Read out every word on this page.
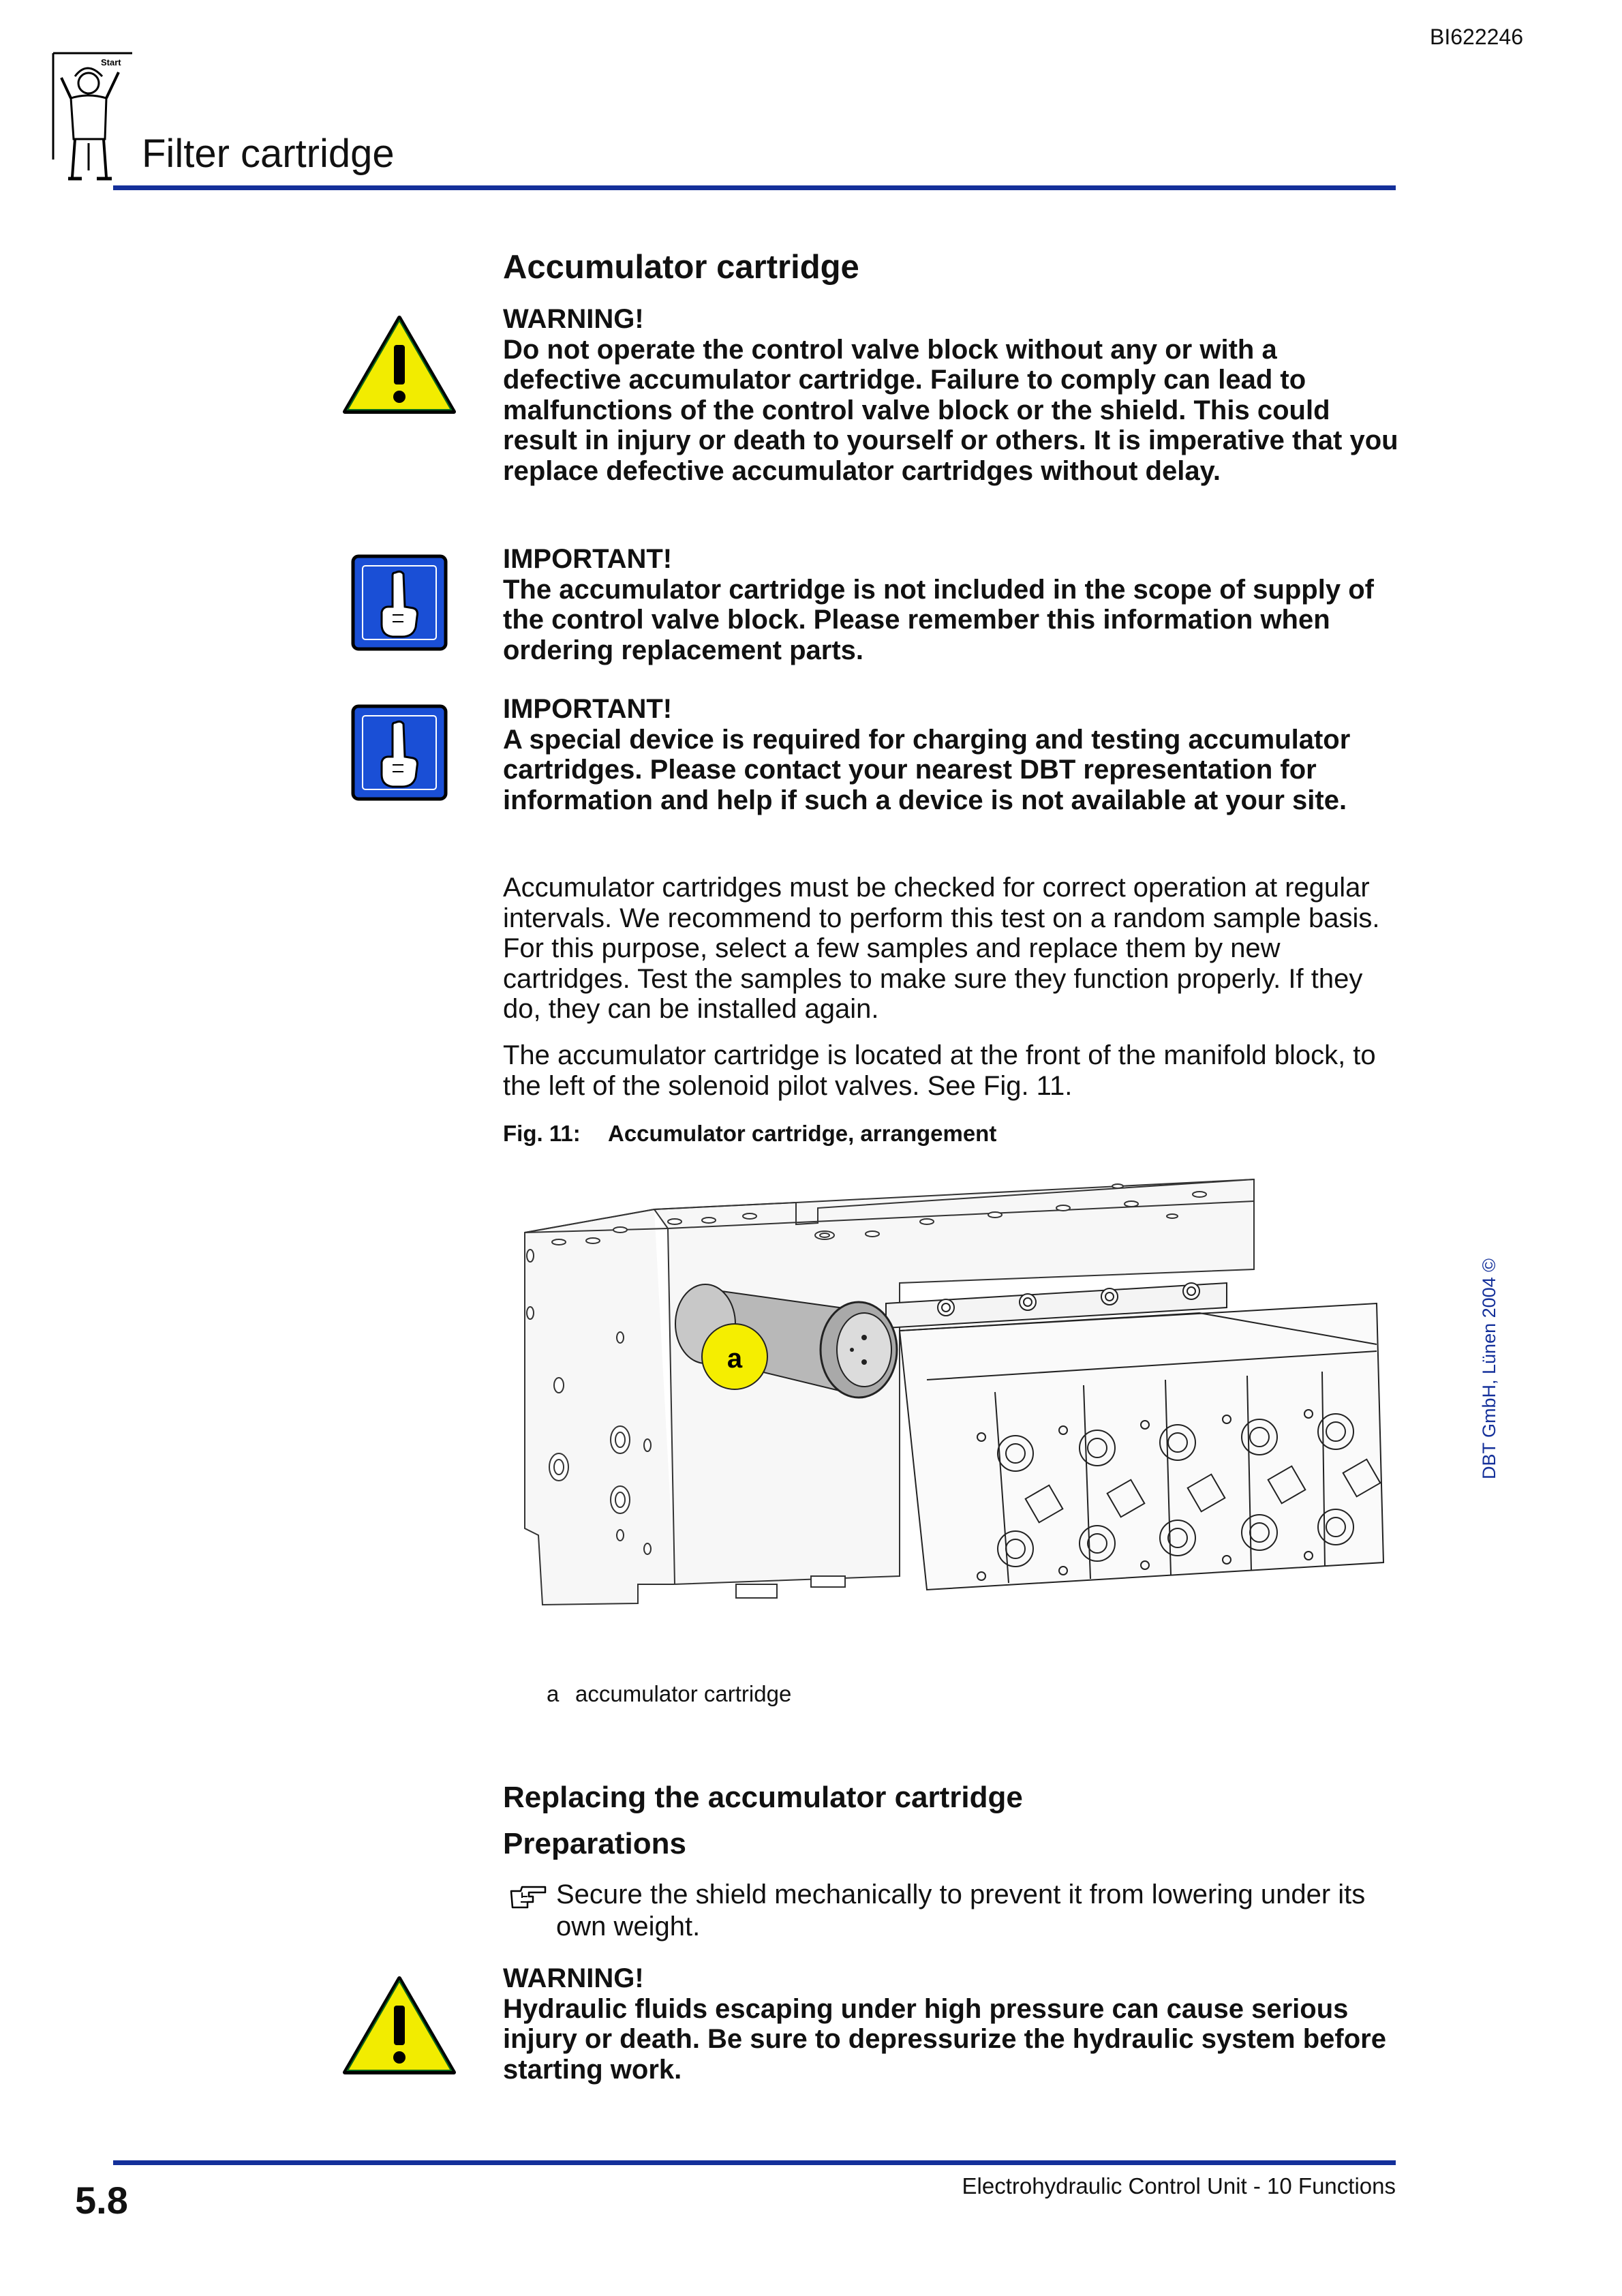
BI622246
Start
Filter cartridge
Accumulator cartridge
WARNING!
Do not operate the control valve block without any or with a defective accumulator cartridge. Failure to comply can lead to malfunctions of the control valve block or the shield. This could result in injury or death to yourself or others. It is imperative that you replace defective accumulator cartridges without delay.
IMPORTANT!
The accumulator cartridge is not included in the scope of supply of the control valve block. Please remember this information when ordering replacement parts.
IMPORTANT!
A special device is required for charging and testing accumulator cartridges. Please contact your nearest DBT representation for information and help if such a device is not available at your site.
Accumulator cartridges must be checked for correct operation at regular intervals. We recommend to perform this test on a random sample basis. For this purpose, select a few samples and replace them by new cartridges. Test the samples to make sure they function properly. If they do, they can be installed again.
The accumulator cartridge is located at the front of the manifold block, to the left of the solenoid pilot valves. See Fig. 11.
Fig. 11: Accumulator cartridge, arrangement
a
a accumulator cartridge
Replacing the accumulator cartridge
Preparations
Secure the shield mechanically to prevent it from lowering under its own weight.
WARNING!
Hydraulic fluids escaping under high pressure can cause serious injury or death. Be sure to depressurize the hydraulic system before starting work.
DBT GmbH, Lünen 2004 ©
5.8	Electrohydraulic Control Unit - 10 Functions
